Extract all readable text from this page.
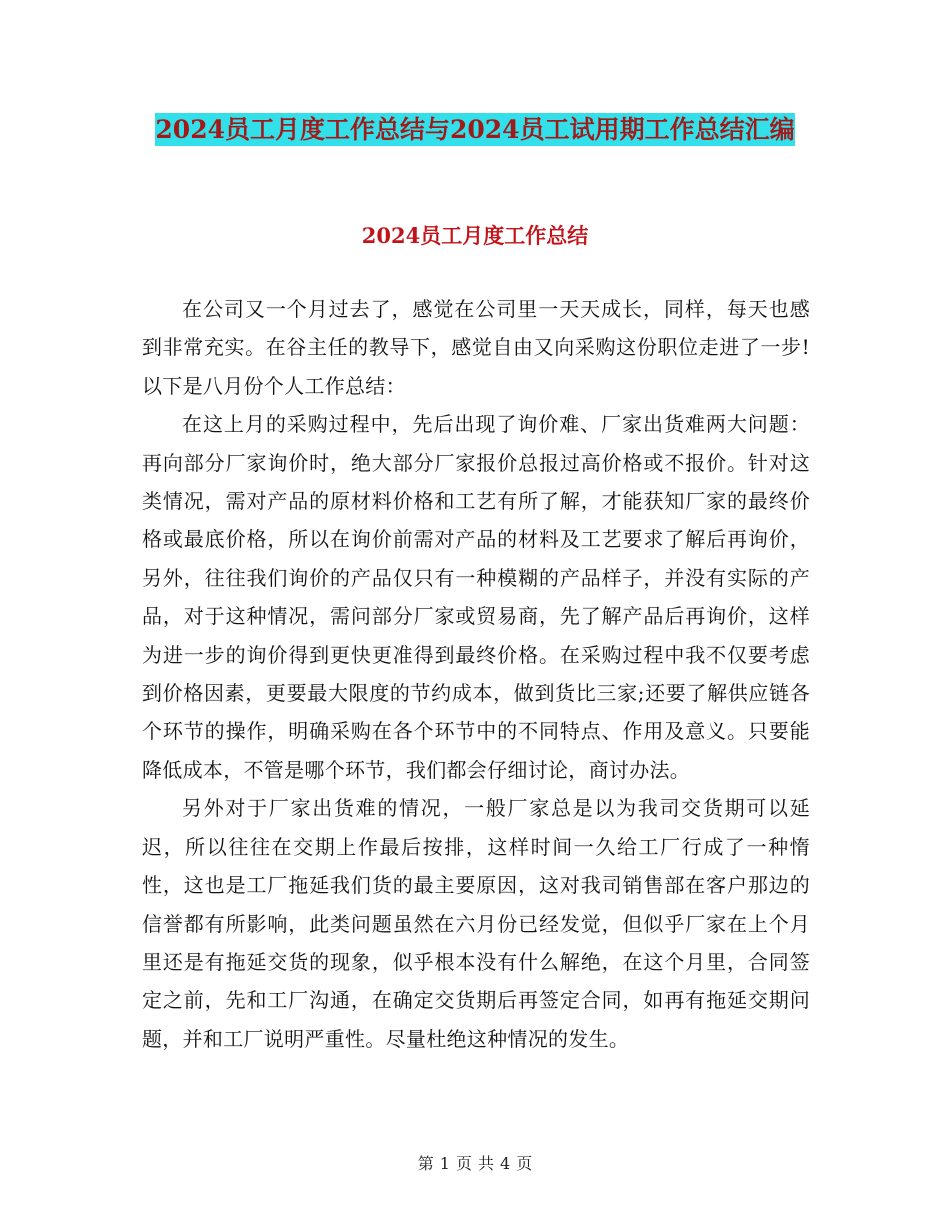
2024员工月度工作总结与2024员工试用期工作总结汇编
2024员工月度工作总结

在公司又一个月过去了，感觉在公司里一天天成长，同样，每天也感到非常充实。在谷主任的教导下，感觉自由又向采购这份职位走进了一步!以下是八月份个人工作总结：

在这上月的采购过程中，先后出现了询价难、厂家出货难两大问题：再向部分厂家询价时，绝大部分厂家报价总报过高价格或不报价。针对这类情况，需对产品的原材料价格和工艺有所了解，才能获知厂家的最终价格或最底价格，所以在询价前需对产品的材料及工艺要求了解后再询价，另外，往往我们询价的产品仅只有一种模糊的产品样子，并没有实际的产品，对于这种情况，需问部分厂家或贸易商，先了解产品后再询价，这样为进一步的询价得到更快更准得到最终价格。在采购过程中我不仅要考虑到价格因素，更要最大限度的节约成本，做到货比三家;还要了解供应链各个环节的操作，明确采购在各个环节中的不同特点、作用及意义。只要能降低成本，不管是哪个环节，我们都会仔细讨论，商讨办法。

另外对于厂家出货难的情况，一般厂家总是以为我司交货期可以延迟，所以往往在交期上作最后按排，这样时间一久给工厂行成了一种惰性，这也是工厂拖延我们货的最主要原因，这对我司销售部在客户那边的信誉都有所影响，此类问题虽然在六月份已经发觉，但似乎厂家在上个月里还是有拖延交货的现象，似乎根本没有什么解绝，在这个月里，合同签定之前，先和工厂沟通，在确定交货期后再签定合同，如再有拖延交期问题，并和工厂说明严重性。尽量杜绝这种情况的发生。

第 1 页 共 4 页
